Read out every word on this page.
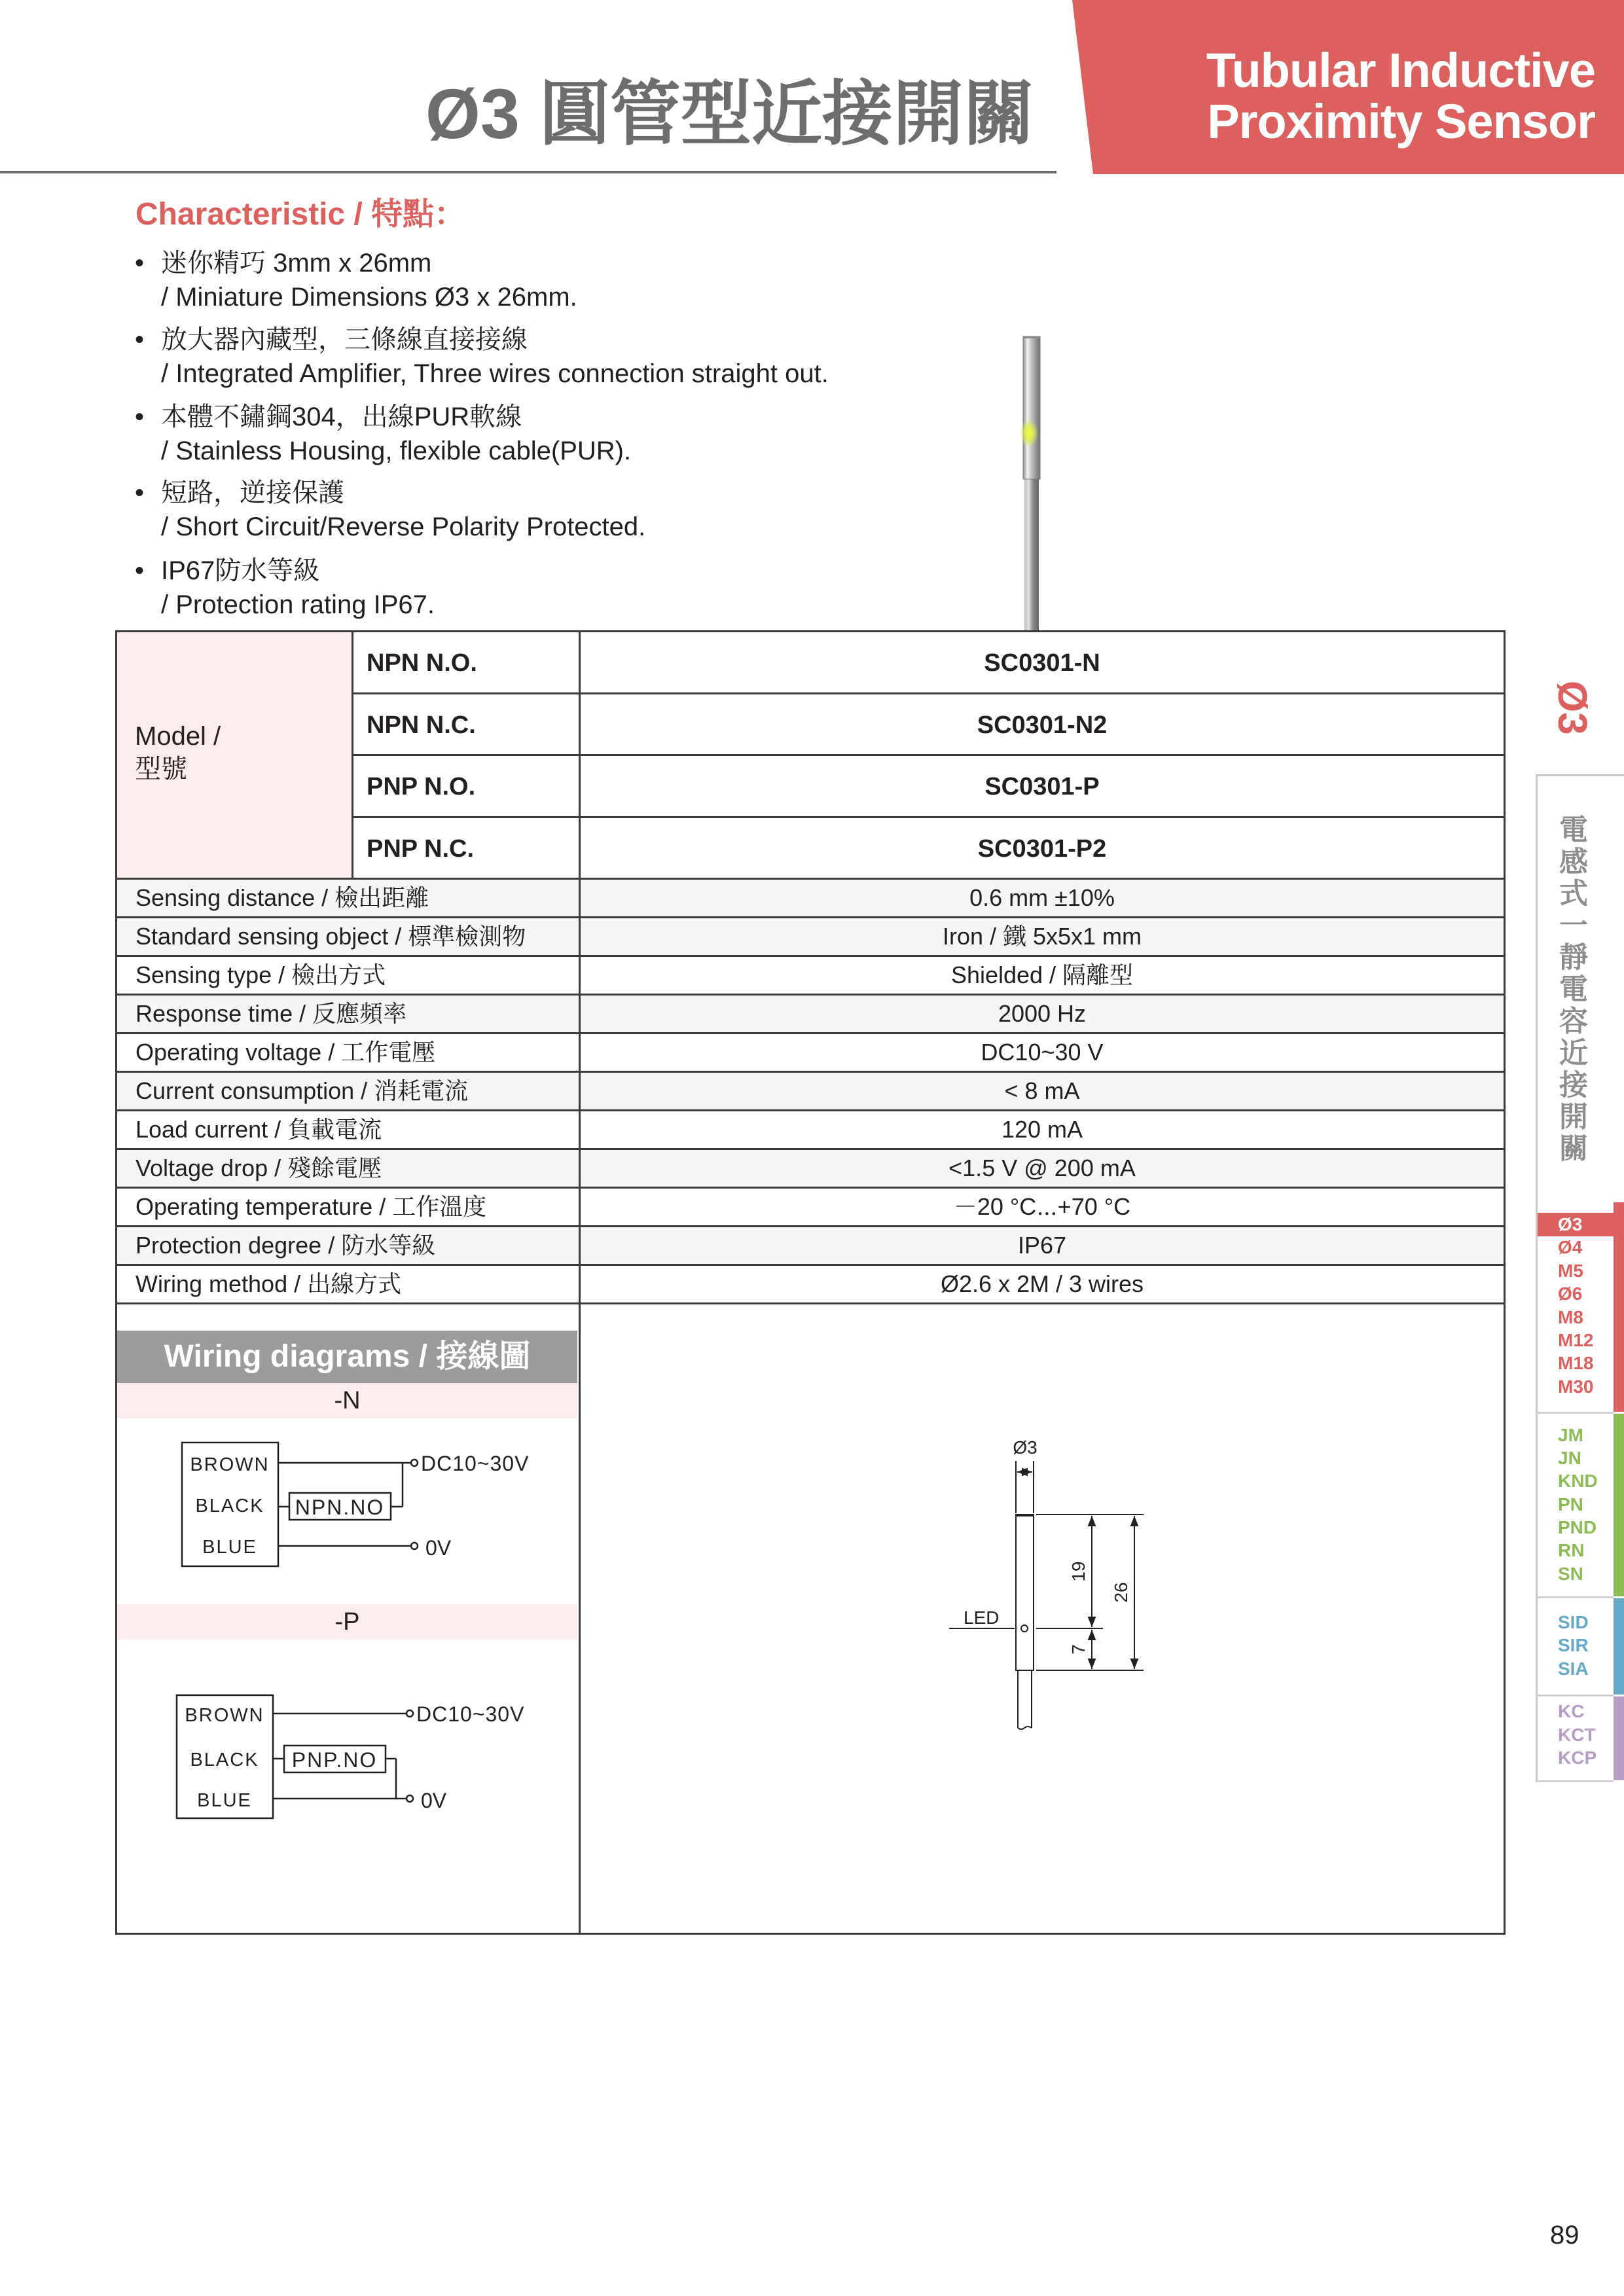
Ø3 圓管型近接開關
Tubular Inductive
Proximity Sensor
Characteristic / 特點：
• 迷你精巧 3mm x 26mm
/ Miniature Dimensions Ø3 x 26mm.
• 放大器內藏型，三條線直接接線
/ Integrated Amplifier, Three wires connection straight out.
• 本體不鏽鋼304，出線PUR軟線
/ Stainless Housing, flexible cable(PUR).
• 短路，逆接保護
/ Short Circuit/Reverse Polarity Protected.
• IP67防水等級
/ Protection rating IP67.
Model /
型號
NPN N.O.	SC0301-N
NPN N.C.	SC0301-N2
PNP N.O.	SC0301-P
PNP N.C.	SC0301-P2
Sensing distance / 檢出距離	0.6 mm ±10%
Standard sensing object / 標準檢測物	Iron / 鐵 5x5x1 mm
Sensing type / 檢出方式	Shielded / 隔離型
Response time / 反應頻率	2000 Hz
Operating voltage / 工作電壓	DC10~30 V
Current consumption / 消耗電流	< 8 mA
Load current / 負載電流	120 mA
Voltage drop / 殘餘電壓	<1.5 V @ 200 mA
Operating temperature / 工作溫度	－20 °C⋯+70 °C
Protection degree / 防水等級	IP67
Wiring method / 出線方式	Ø2.6 x 2M / 3 wires
Wiring diagrams / 接線圖
-N
-P
BROWN
BLACK
BLUE
NPN.NO
DC10~30V
0V
BROWN
BLACK
BLUE
PNP.NO
DC10~30V
0V
Ø3
LED
19
7
26
Ø3
電感式一靜電容近接開關
Ø3
Ø4
M5
Ø6
M8
M12
M18
M30
JM
JN
KND
PN
PND
RN
SN
SID
SIR
SIA
KC
KCT
KCP
89
